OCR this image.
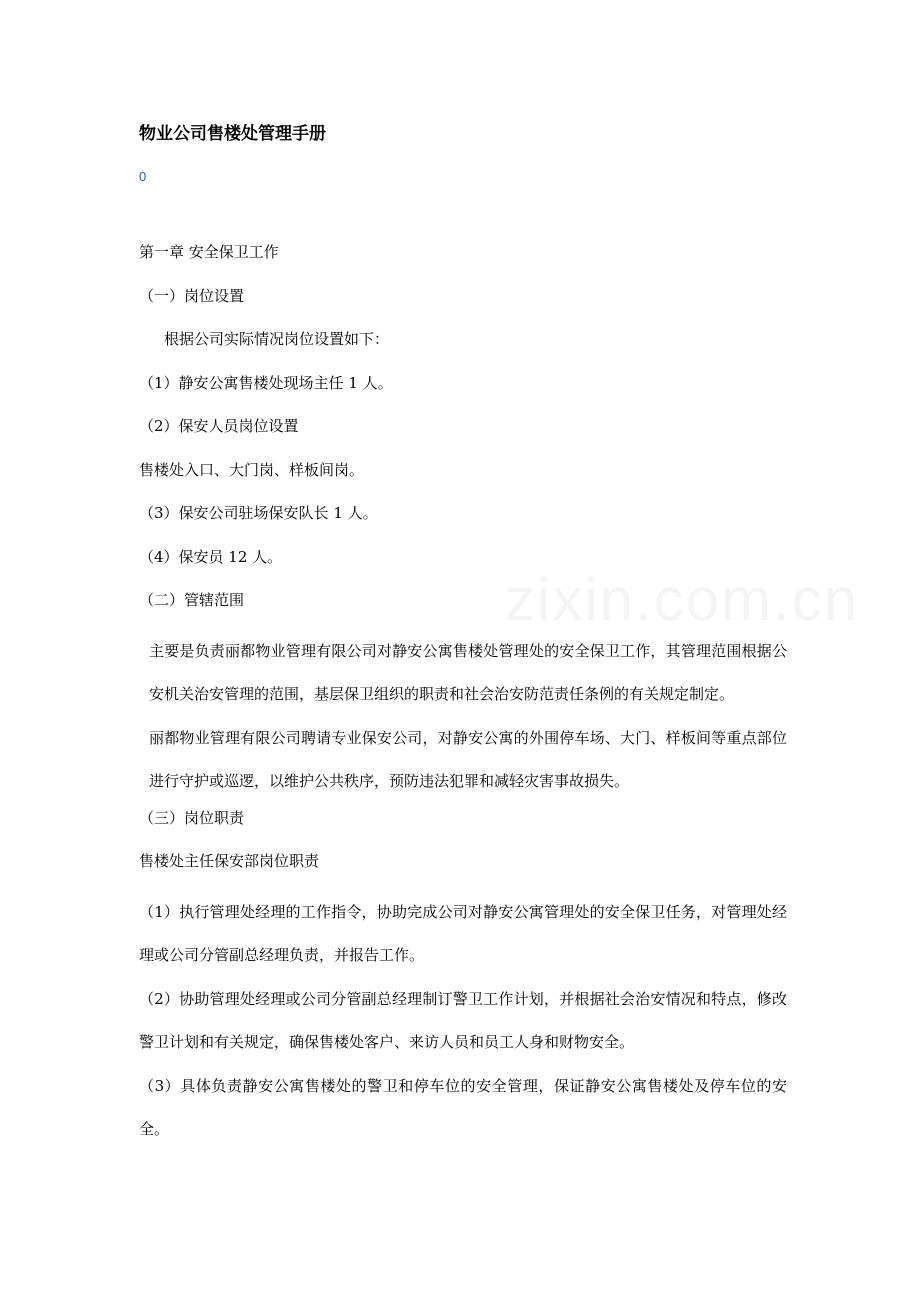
物业公司售楼处管理手册
0

第一章 安全保卫工作

（一）岗位设置

根据公司实际情况岗位设置如下：

（1）静安公寓售楼处现场主任 1 人。

（2）保安人员岗位设置

售楼处入口、大门岗、样板间岗。

（3）保安公司驻场保安队长 1 人。

（4）保安员 12 人。

（二）管辖范围

主要是负责丽都物业管理有限公司对静安公寓售楼处管理处的安全保卫工作，其管理范围根据公安机关治安管理的范围，基层保卫组织的职责和社会治安防范责任条例的有关规定制定。

丽都物业管理有限公司聘请专业保安公司，对静安公寓的外围停车场、大门、样板间等重点部位进行守护或巡逻，以维护公共秩序，预防违法犯罪和减轻灾害事故损失。

（三）岗位职责

售楼处主任保安部岗位职责

（1）执行管理处经理的工作指令，协助完成公司对静安公寓管理处的安全保卫任务，对管理处经理或公司分管副总经理负责，并报告工作。

（2）协助管理处经理或公司分管副总经理制订警卫工作计划，并根据社会治安情况和特点，修改警卫计划和有关规定，确保售楼处客户、来访人员和员工人身和财物安全。

（3）具体负责静安公寓售楼处的警卫和停车位的安全管理，保证静安公寓售楼处及停车位的安全。
